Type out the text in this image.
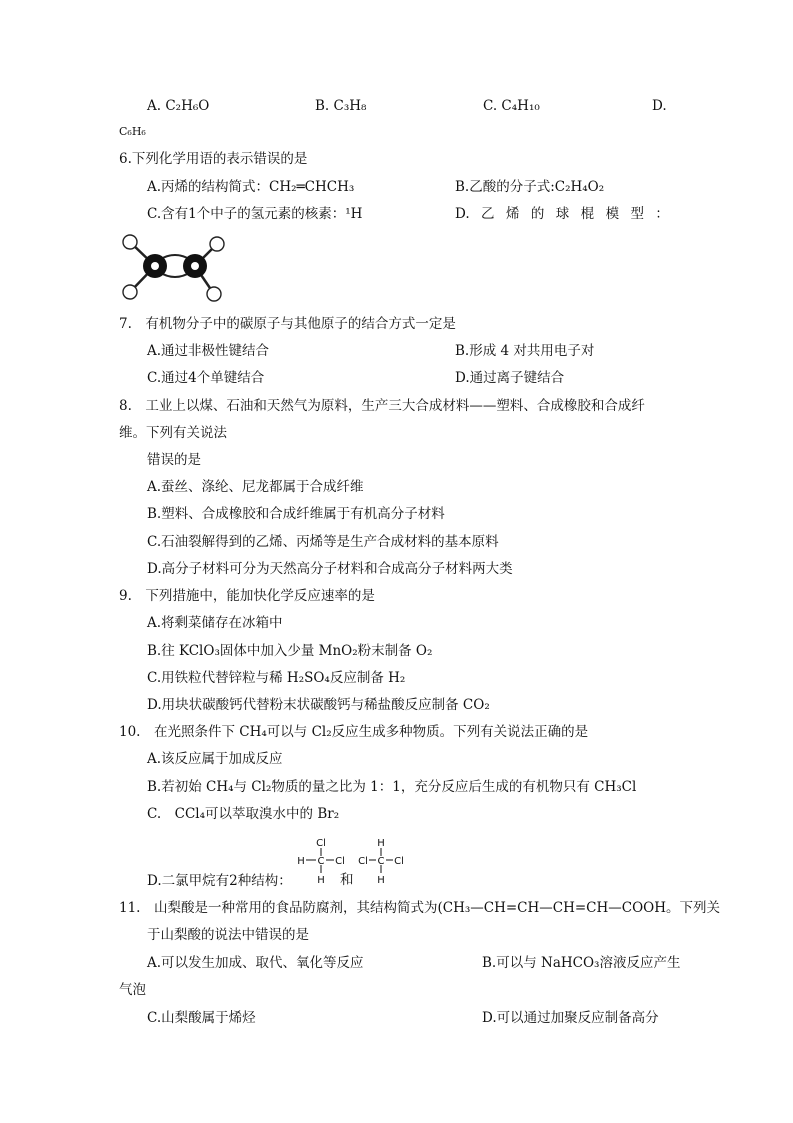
A. C₂H₆O	B. C₃H₈	C. C₄H₁₀	D.
C₆H₆
6.下列化学用语的表示错误的是
A.丙烯的结构简式：CH₂═CHCH₃	B.乙酸的分子式:C₂H₄O₂
C.含有1个中子的氢元素的核素：¹H	D. 乙 烯 的 球 棍 模 型 ：
7.　有机物分子中的碳原子与其他原子的结合方式一定是
A.通过非极性键结合	B.形成 4 对共用电子对
C.通过4个单键结合	D.通过离子键结合
8.　工业上以煤、石油和天然气为原料，生产三大合成材料——塑料、合成橡胶和合成纤
维。下列有关说法
错误的是
A.蚕丝、涤纶、尼龙都属于合成纤维
B.塑料、合成橡胶和合成纤维属于有机高分子材料
C.石油裂解得到的乙烯、丙烯等是生产合成材料的基本原料
D.高分子材料可分为天然高分子材料和合成高分子材料两大类
9.　下列措施中，能加快化学反应速率的是
A.将剩菜储存在冰箱中
B.往 KClO₃固体中加入少量 MnO₂粉末制备 O₂
C.用铁粒代替锌粒与稀 H₂SO₄反应制备 H₂
D.用块状碳酸钙代替粉末状碳酸钙与稀盐酸反应制备 CO₂
10.　在光照条件下 CH₄可以与 Cl₂反应生成多种物质。下列有关说法正确的是
A.该反应属于加成反应
B.若初始 CH₄与 Cl₂物质的量之比为 1：1，充分反应后生成的有机物只有 CH₃Cl
C.　CCl₄可以萃取溴水中的 Br₂
Cl
H C Cl
H 和
H
Cl C Cl
H
D.二氯甲烷有2种结构：
11.　山梨酸是一种常用的食品防腐剂，其结构简式为(CH₃—CH=CH—CH=CH—COOH。下列关
于山梨酸的说法中错误的是
A.可以发生加成、取代、氧化等反应	B.可以与 NaHCO₃溶液反应产生
气泡
C.山梨酸属于烯烃	D.可以通过加聚反应制备高分
